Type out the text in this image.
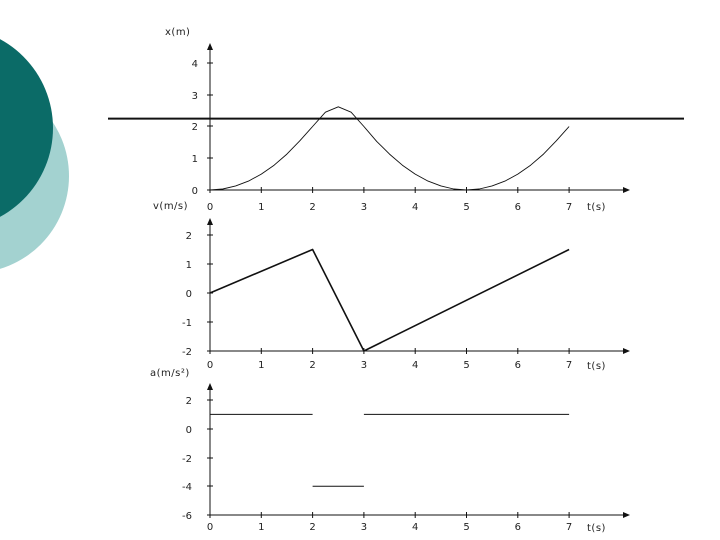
0
1
2
3
4
0	1	2	3	4	5	6	7
x(m)
t(s)
2
1
0
-1
-2
0	1	2	3	4	5	6	7
v(m/s)
t(s)
2
0
-2
-4
-6
0	1	2	3	4	5	6	7
a(m/s²)
t(s)
